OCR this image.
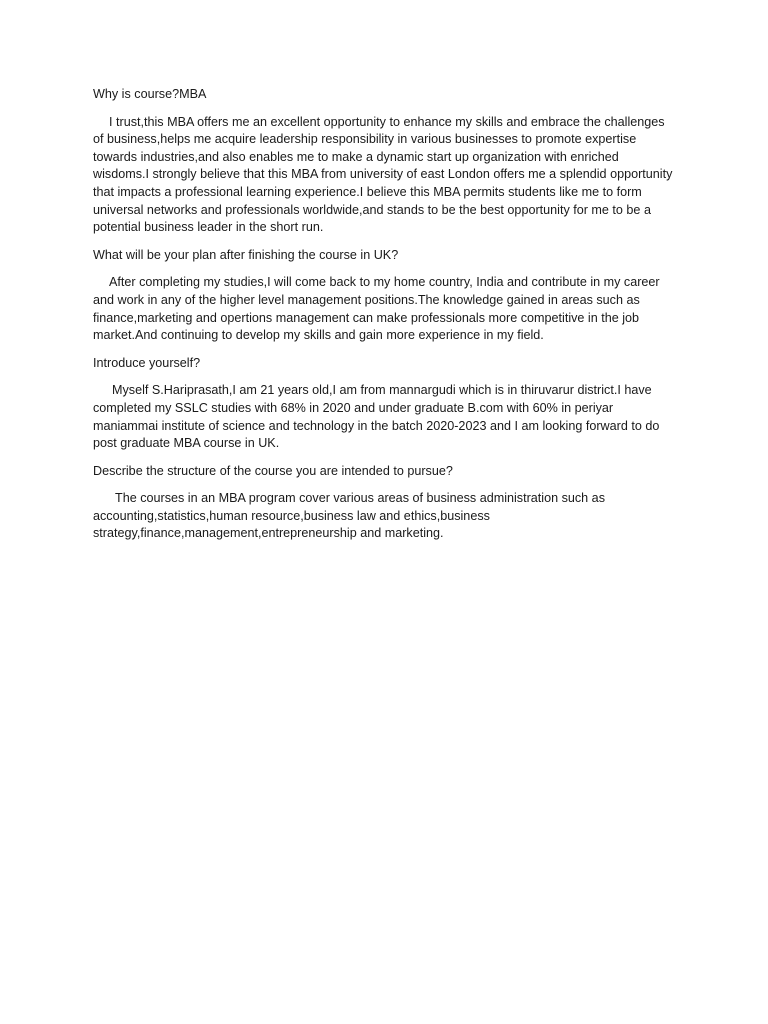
Why is course?MBA

I trust,this MBA offers me an excellent opportunity to enhance my skills and embrace the challenges of business,helps me acquire leadership responsibility in various businesses to promote expertise towards industries,and also enables me to make a dynamic start up organization with enriched wisdoms.I strongly believe that this MBA from university of east London offers me a splendid opportunity that impacts a professional learning experience.I believe this MBA permits students like me to form universal networks and professionals worldwide,and stands to be the best opportunity for me to be a potential business leader in the short run.

What will be your plan after finishing the course in UK?

After completing my studies,I will come back to my home country, India and contribute in my career and work in any of the higher level management positions.The knowledge gained in areas such as finance,marketing and opertions management can make professionals more competitive in the job market.And continuing to develop my skills and gain more experience in my field.

Introduce yourself?

Myself S.Hariprasath,I am 21 years old,I am from mannargudi which is in thiruvarur district.I have completed my SSLC studies with 68% in 2020 and under graduate B.com with 60% in periyar maniammai institute of science and technology in the batch 2020-2023 and I am looking forward to do post graduate MBA course in UK.

Describe the structure of the course you are intended to pursue?

The courses in an MBA program cover various areas of business administration such as accounting,statistics,human resource,business law and ethics,business strategy,finance,management,entrepreneurship and marketing.
